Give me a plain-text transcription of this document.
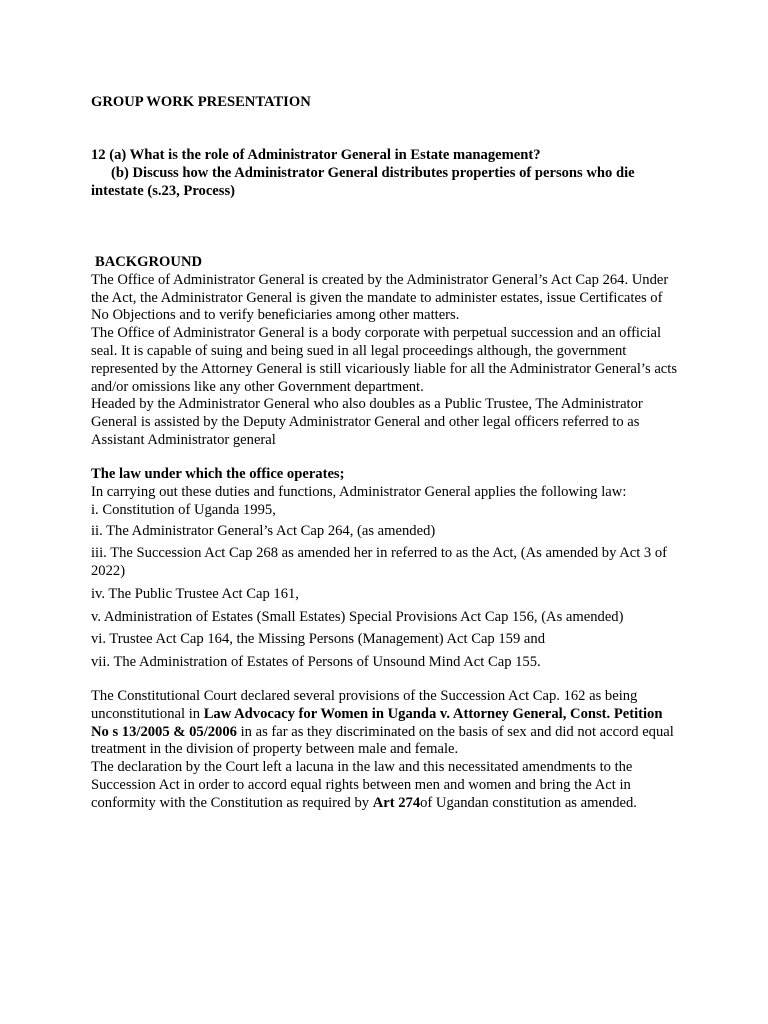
GROUP WORK PRESENTATION

12 (a) What is the role of Administrator General in Estate management?

(b) Discuss how the Administrator General distributes properties of persons who die intestate (s.23, Process)

BACKGROUND

The Office of Administrator General is created by the Administrator General’s Act Cap 264. Under the Act, the Administrator General is given the mandate to administer estates, issue Certificates of No Objections and to verify beneficiaries among other matters.

The Office of Administrator General is a body corporate with perpetual succession and an official seal. It is capable of suing and being sued in all legal proceedings although, the government represented by the Attorney General is still vicariously liable for all the Administrator General’s acts and/or omissions like any other Government department.

Headed by the Administrator General who also doubles as a Public Trustee, The Administrator General is assisted by the Deputy Administrator General and other legal officers referred to as Assistant Administrator general

The law under which the office operates;

In carrying out these duties and functions, Administrator General applies the following law:

i. Constitution of Uganda 1995,

ii. The Administrator General’s Act Cap 264, (as amended)

iii. The Succession Act Cap 268 as amended her in referred to as the Act, (As amended by Act 3 of 2022)

iv. The Public Trustee Act Cap 161,

v. Administration of Estates (Small Estates) Special Provisions Act Cap 156, (As amended)

vi. Trustee Act Cap 164, the Missing Persons (Management) Act Cap 159 and

vii. The Administration of Estates of Persons of Unsound Mind Act Cap 155.

The Constitutional Court declared several provisions of the Succession Act Cap. 162 as being unconstitutional in Law Advocacy for Women in Uganda v. Attorney General, Const. Petition No s 13/2005 & 05/2006 in as far as they discriminated on the basis of sex and did not accord equal treatment in the division of property between male and female.

The declaration by the Court left a lacuna in the law and this necessitated amendments to the Succession Act in order to accord equal rights between men and women and bring the Act in conformity with the Constitution as required by Art 274of Ugandan constitution as amended.
